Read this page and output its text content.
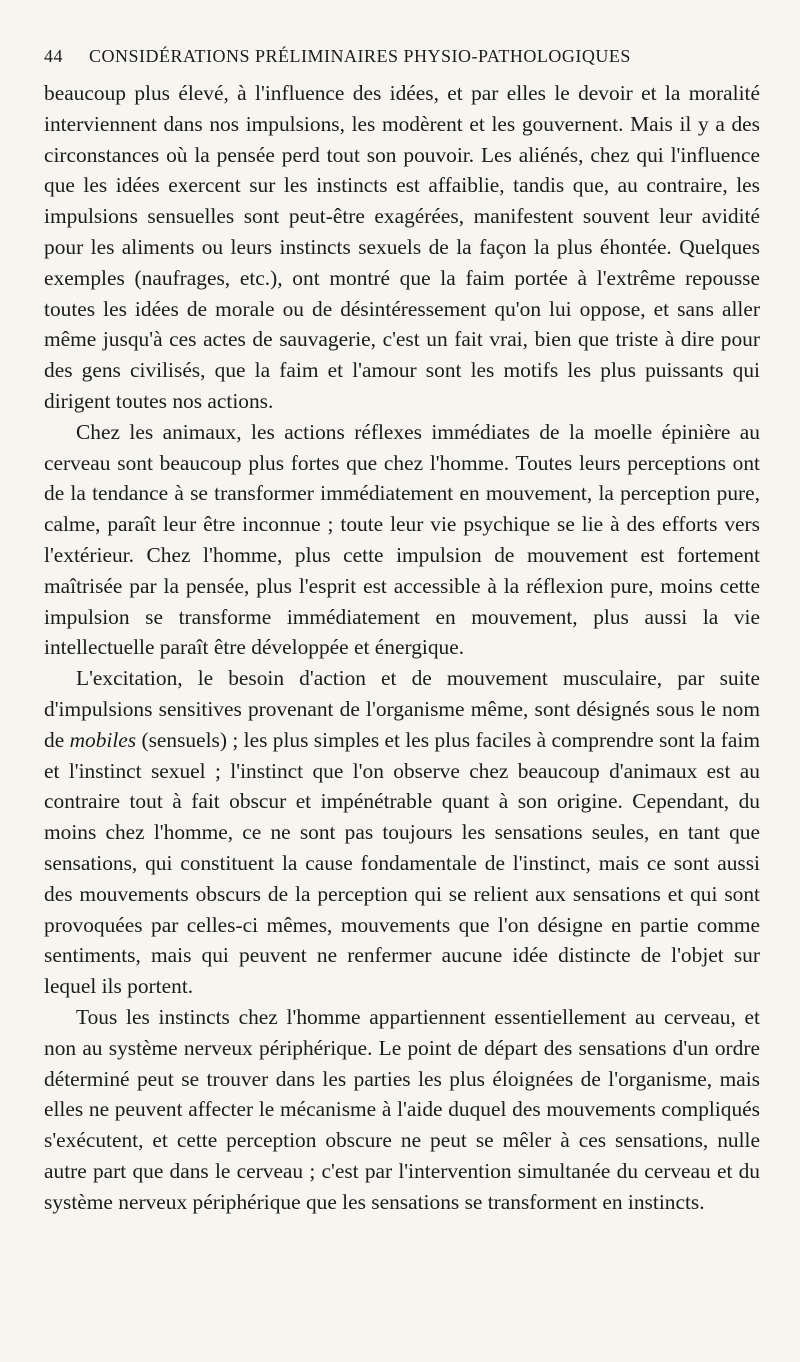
44 CONSIDÉRATIONS PRÉLIMINAIRES PHYSIO-PATHOLOGIQUES

beaucoup plus élevé, à l'influence des idées, et par elles le devoir et la moralité interviennent dans nos impulsions, les modèrent et les gouvernent. Mais il y a des circonstances où la pensée perd tout son pouvoir. Les aliénés, chez qui l'influence que les idées exercent sur les instincts est affaiblie, tandis que, au contraire, les impulsions sensuelles sont peut-être exagérées, manifestent souvent leur avidité pour les aliments ou leurs instincts sexuels de la façon la plus éhontée. Quelques exemples (naufrages, etc.), ont montré que la faim portée à l'extrême repousse toutes les idées de morale ou de désintéressement qu'on lui oppose, et sans aller même jusqu'à ces actes de sauvagerie, c'est un fait vrai, bien que triste à dire pour des gens civilisés, que la faim et l'amour sont les motifs les plus puissants qui dirigent toutes nos actions.

Chez les animaux, les actions réflexes immédiates de la moelle épinière au cerveau sont beaucoup plus fortes que chez l'homme. Toutes leurs perceptions ont de la tendance à se transformer immédiatement en mouvement, la perception pure, calme, paraît leur être inconnue ; toute leur vie psychique se lie à des efforts vers l'extérieur. Chez l'homme, plus cette impulsion de mouvement est fortement maîtrisée par la pensée, plus l'esprit est accessible à la réflexion pure, moins cette impulsion se transforme immédiatement en mouvement, plus aussi la vie intellectuelle paraît être développée et énergique.

L'excitation, le besoin d'action et de mouvement musculaire, par suite d'impulsions sensitives provenant de l'organisme même, sont désignés sous le nom de mobiles (sensuels) ; les plus simples et les plus faciles à comprendre sont la faim et l'instinct sexuel ; l'instinct que l'on observe chez beaucoup d'animaux est au contraire tout à fait obscur et impénétrable quant à son origine. Cependant, du moins chez l'homme, ce ne sont pas toujours les sensations seules, en tant que sensations, qui constituent la cause fondamentale de l'instinct, mais ce sont aussi des mouvements obscurs de la perception qui se relient aux sensations et qui sont provoquées par celles-ci mêmes, mouvements que l'on désigne en partie comme sentiments, mais qui peuvent ne renfermer aucune idée distincte de l'objet sur lequel ils portent.

Tous les instincts chez l'homme appartiennent essentiellement au cerveau, et non au système nerveux périphérique. Le point de départ des sensations d'un ordre déterminé peut se trouver dans les parties les plus éloignées de l'organisme, mais elles ne peuvent affecter le mécanisme à l'aide duquel des mouvements compliqués s'exécutent, et cette perception obscure ne peut se mêler à ces sensations, nulle autre part que dans le cerveau ; c'est par l'intervention simultanée du cerveau et du système nerveux périphérique que les sensations se transforment en instincts.
